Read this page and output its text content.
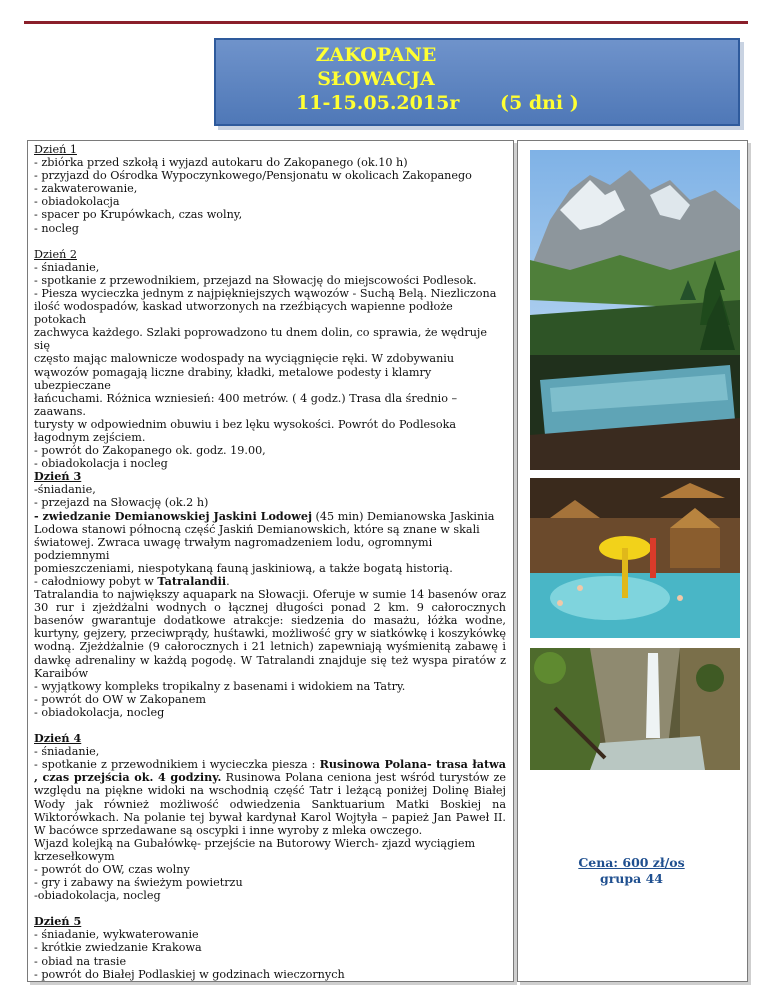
ZAKOPANE
SŁOWACJA
11-15.05.2015r (5 dni )

Dzień 1

- zbiórka przed szkołą i wyjazd autokaru do Zakopanego (ok.10 h)

- przyjazd do Ośrodka Wypoczynkowego/Pensjonatu w okolicach Zakopanego

- zakwaterowanie,

- obiadokolacja

- spacer po Krupówkach, czas wolny,

- nocleg

Dzień 2

- śniadanie,

- spotkanie z przewodnikiem, przejazd na Słowację do miejscowości Podlesok.

- Piesza wycieczka jednym z najpiękniejszych wąwozów - Suchą Belą. Niezliczona

ilość wodospadów, kaskad utworzonych na rzeźbiących wapienne podłoże potokach

zachwyca każdego. Szlaki poprowadzono tu dnem dolin, co sprawia, że wędruje się

często mając malownicze wodospady na wyciągnięcie ręki. W zdobywaniu

wąwozów pomagają liczne drabiny, kładki, metalowe podesty i klamry ubezpieczane

łańcuchami. Różnica wzniesień: 400 metrów. ( 4 godz.) Trasa dla średnio – zaawans.

turysty w odpowiednim obuwiu i bez lęku wysokości. Powrót do Podlesoka

łagodnym zejściem.

- powrót do Zakopanego ok. godz. 19.00,

- obiadokolacja i nocleg

Dzień 3

-śniadanie,

- przejazd na Słowację (ok.2 h)

- zwiedzanie Demianowskiej Jaskini Lodowej (45 min) Demianowska Jaskinia

Lodowa stanowi północną część Jaskiń Demianowskich, które są znane w skali

światowej. Zwraca uwagę trwałym nagromadzeniem lodu, ogromnymi podziemnymi

pomieszczeniami, niespotykaną fauną jaskiniową, a także bogatą historią.

- całodniowy pobyt w Tatralandii.

Tatralandia to największy aquapark na Słowacji. Oferuje w sumie 14 basenów oraz 30 rur i zjeżdżalni wodnych o łącznej długości ponad 2 km. 9 całorocznych basenów gwarantuje dodatkowe atrakcje: siedzenia do masażu, łóżka wodne, kurtyny, gejzery, przeciwprądy, huśtawki, możliwość gry w siatkówkę i koszykówkę wodną. Zjeżdżalnie (9 całorocznych i 21 letnich) zapewniają wyśmienitą zabawę i dawkę adrenaliny w każdą pogodę. W Tatralandi znajduje się też wyspa piratów z Karaibów

- wyjątkowy kompleks tropikalny z basenami i widokiem na Tatry.

- powrót do OW w Zakopanem

- obiadokolacja, nocleg

Dzień 4

- śniadanie,

- spotkanie z przewodnikiem i wycieczka piesza : Rusinowa Polana- trasa łatwa , czas przejścia ok. 4 godziny. Rusinowa Polana ceniona jest wśród turystów ze względu na piękne widoki na wschodnią część Tatr i leżącą poniżej Dolinę Białej Wody jak również możliwość odwiedzenia Sanktuarium Matki Boskiej na Wiktorówkach. Na polanie tej bywał kardynał Karol Wojtyła – papież Jan Paweł II. W bacówce sprzedawane są oscypki i inne wyroby z mleka owczego.

Wjazd kolejką na Gubałówkę- przejście na Butorowy Wierch- zjazd wyciągiem

krzesełkowym

- powrót do OW, czas wolny

- gry i zabawy na świeżym powietrzu

-obiadokolacja, nocleg

Dzień 5

- śniadanie, wykwaterowanie

- krótkie zwiedzanie Krakowa

- obiad na trasie

- powrót do Białej Podlaskiej w godzinach wieczornych

Cena: 600 zł/os
grupa 44
